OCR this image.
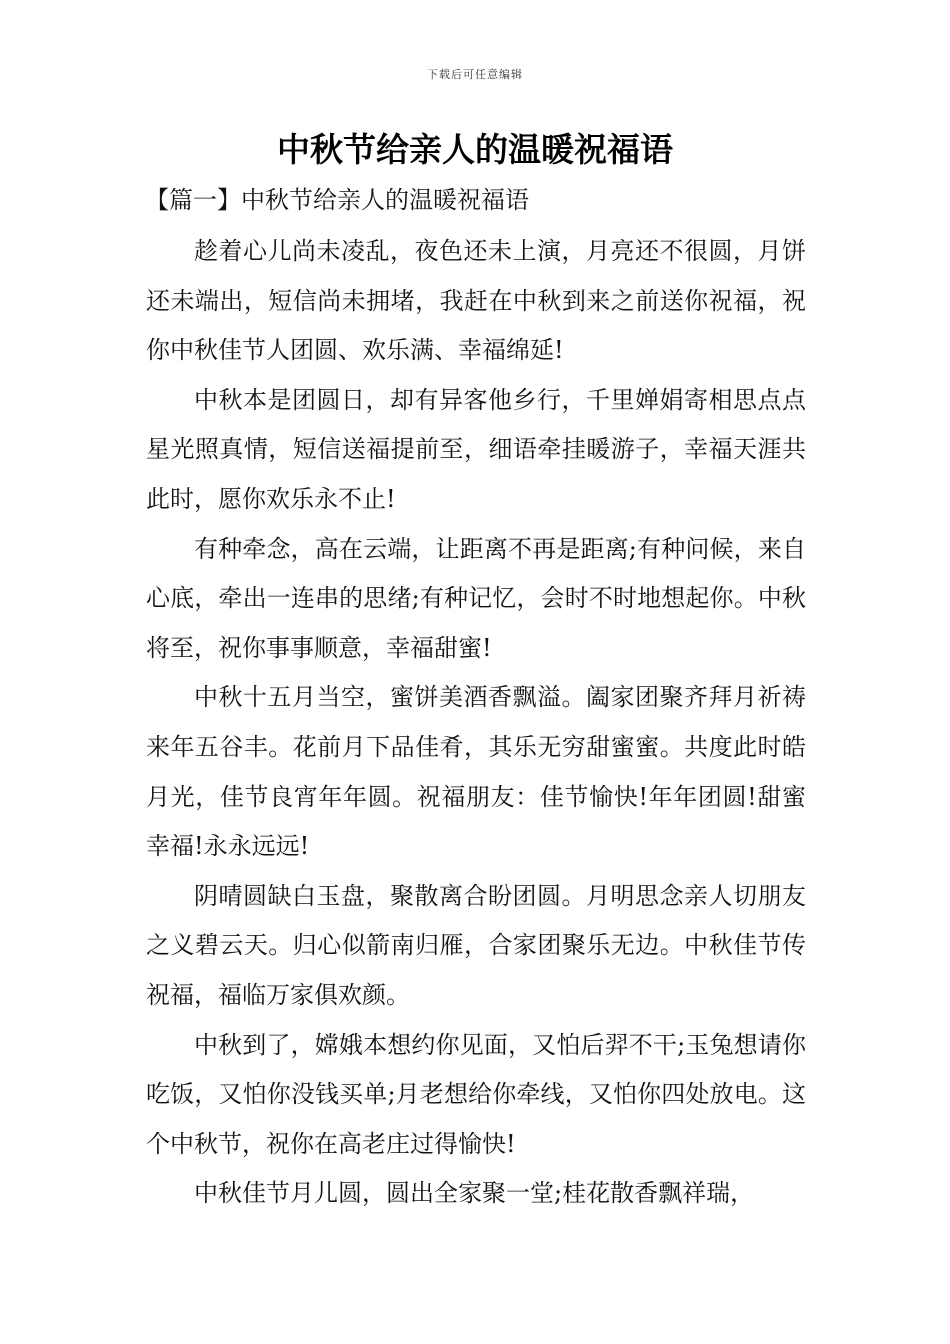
下载后可任意编辑
中秋节给亲人的温暖祝福语
【篇一】中秋节给亲人的温暖祝福语

趁着心儿尚未凌乱，夜色还未上演，月亮还不很圆，月饼还未端出，短信尚未拥堵，我赶在中秋到来之前送你祝福，祝你中秋佳节人团圆、欢乐满、幸福绵延!

中秋本是团圆日，却有异客他乡行，千里婵娟寄相思点点星光照真情，短信送福提前至，细语牵挂暖游子，幸福天涯共此时，愿你欢乐永不止!

有种牵念，高在云端，让距离不再是距离;有种问候，来自心底，牵出一连串的思绪;有种记忆，会时不时地想起你。中秋将至，祝你事事顺意，幸福甜蜜!

中秋十五月当空，蜜饼美酒香飘溢。阖家团聚齐拜月祈祷来年五谷丰。花前月下品佳肴，其乐无穷甜蜜蜜。共度此时皓月光，佳节良宵年年圆。祝福朋友：佳节愉快!年年团圆!甜蜜幸福!永永远远!

阴晴圆缺白玉盘，聚散离合盼团圆。月明思念亲人切朋友之义碧云天。归心似箭南归雁，合家团聚乐无边。中秋佳节传祝福，福临万家俱欢颜。

中秋到了，嫦娥本想约你见面，又怕后羿不干;玉兔想请你吃饭，又怕你没钱买单;月老想给你牵线，又怕你四处放电。这个中秋节，祝你在高老庄过得愉快!

中秋佳节月儿圆，圆出全家聚一堂;桂花散香飘祥瑞，
